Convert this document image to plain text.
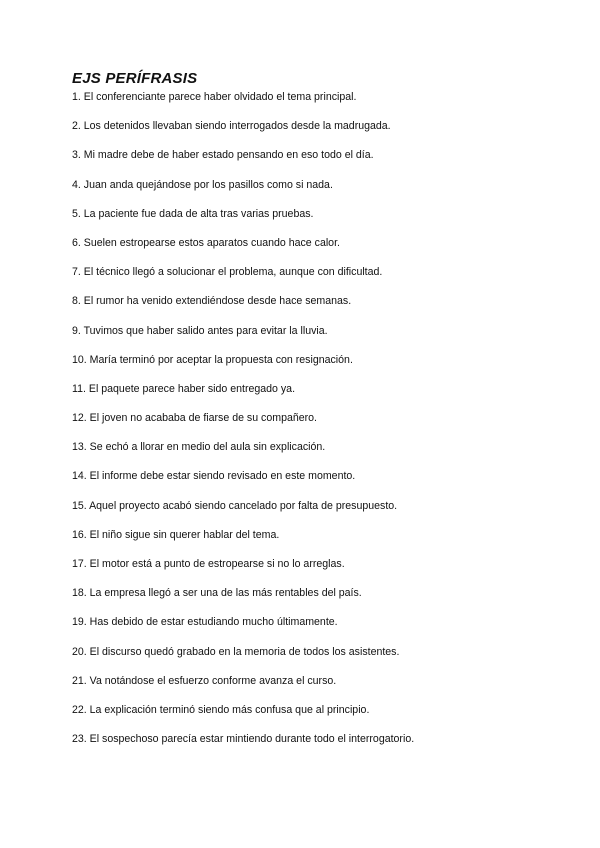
EJS PERÍFRASIS
1. El conferenciante parece haber olvidado el tema principal.
2. Los detenidos llevaban siendo interrogados desde la madrugada.
3. Mi madre debe de haber estado pensando en eso todo el día.
4. Juan anda quejándose por los pasillos como si nada.
5. La paciente fue dada de alta tras varias pruebas.
6. Suelen estropearse estos aparatos cuando hace calor.
7. El técnico llegó a solucionar el problema, aunque con dificultad.
8. El rumor ha venido extendiéndose desde hace semanas.
9. Tuvimos que haber salido antes para evitar la lluvia.
10. María terminó por aceptar la propuesta con resignación.
11. El paquete parece haber sido entregado ya.
12. El joven no acababa de fiarse de su compañero.
13. Se echó a llorar en medio del aula sin explicación.
14. El informe debe estar siendo revisado en este momento.
15. Aquel proyecto acabó siendo cancelado por falta de presupuesto.
16. El niño sigue sin querer hablar del tema.
17. El motor está a punto de estropearse si no lo arreglas.
18. La empresa llegó a ser una de las más rentables del país.
19. Has debido de estar estudiando mucho últimamente.
20. El discurso quedó grabado en la memoria de todos los asistentes.
21. Va notándose el esfuerzo conforme avanza el curso.
22. La explicación terminó siendo más confusa que al principio.
23. El sospechoso parecía estar mintiendo durante todo el interrogatorio.
